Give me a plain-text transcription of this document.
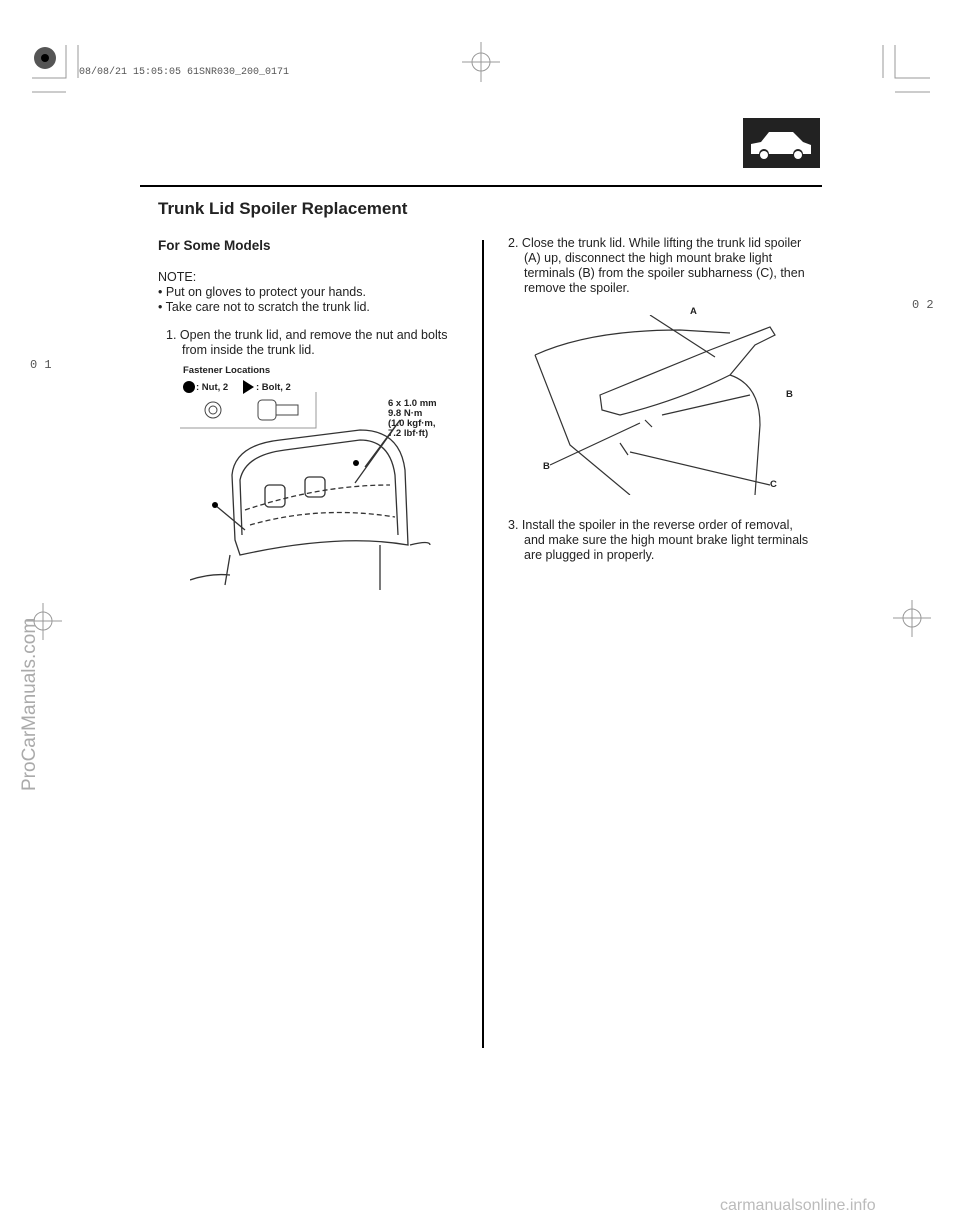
08/08/21 15:05:05 61SNR030_200_0171
Trunk Lid Spoiler Replacement
For Some Models
NOTE:
• Put on gloves to protect your hands.
• Take care not to scratch the trunk lid.
1. Open the trunk lid, and remove the nut and bolts
from inside the trunk lid.
Fastener Locations
: Nut, 2	: Bolt, 2
6 x 1.0 mm
9.8 N·m
(1.0 kgf·m,
7.2 lbf·ft)
2. Close the trunk lid. While lifting the trunk lid spoiler
(A) up, disconnect the high mount brake light
terminals (B) from the spoiler subharness (C), then
remove the spoiler.
A
B
B
C
3. Install the spoiler in the reverse order of removal,
and make sure the high mount brake light terminals
are plugged in properly.
0 1
0 2
ProCarManuals.com
carmanualsonline.info
